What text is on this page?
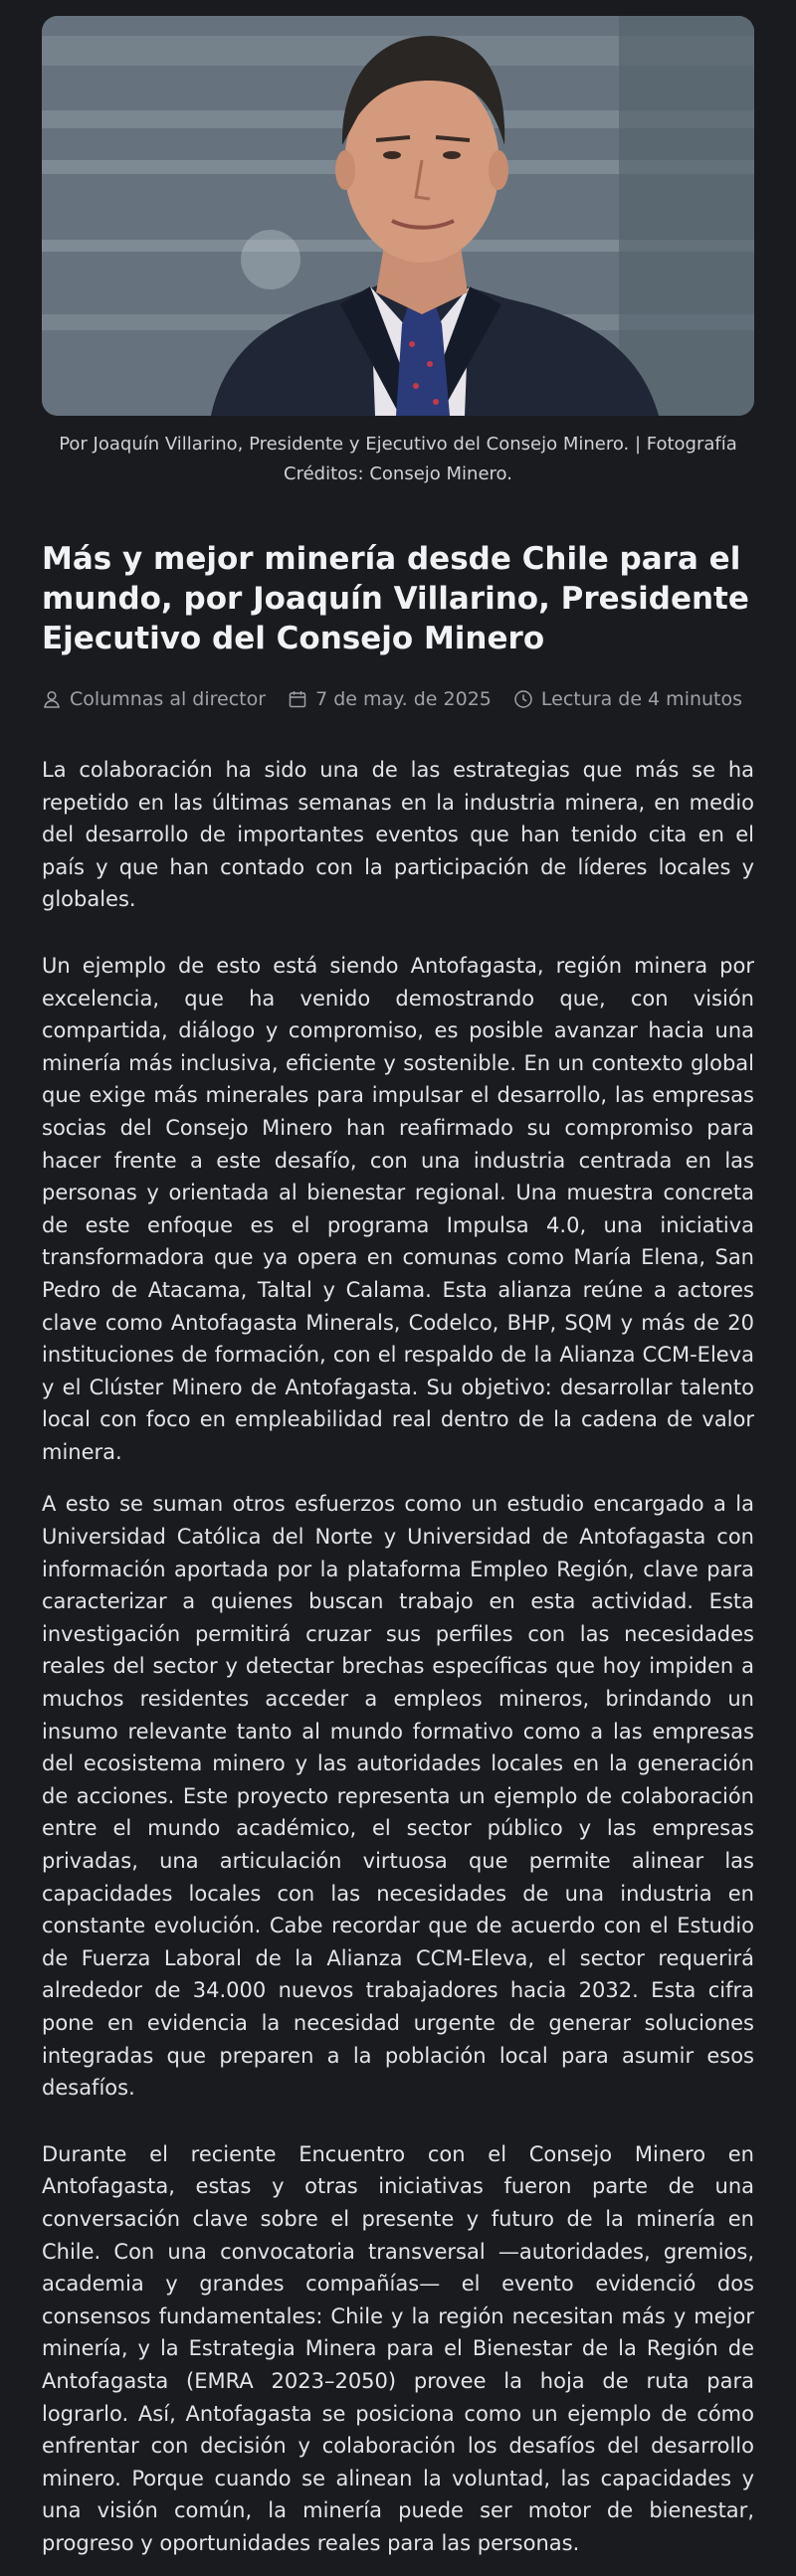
Por Joaquín Villarino, Presidente y Ejecutivo del Consejo Minero. | Fotografía Créditos: Consejo Minero.
Más y mejor minería desde Chile para el mundo, por Joaquín Villarino, Presidente Ejecutivo del Consejo Minero
Columnas al director	7 de may. de 2025	Lectura de 4 minutos

La colaboración ha sido una de las estrategias que más se ha repetido en las últimas semanas en la industria minera, en medio del desarrollo de importantes eventos que han tenido cita en el país y que han contado con la participación de líderes locales y globales.

Un ejemplo de esto está siendo Antofagasta, región minera por excelencia, que ha venido demostrando que, con visión compartida, diálogo y compromiso, es posible avanzar hacia una minería más inclusiva, eficiente y sostenible. En un contexto global que exige más minerales para impulsar el desarrollo, las empresas socias del Consejo Minero han reafirmado su compromiso para hacer frente a este desafío, con una industria centrada en las personas y orientada al bienestar regional. Una muestra concreta de este enfoque es el programa Impulsa 4.0, una iniciativa transformadora que ya opera en comunas como María Elena, San Pedro de Atacama, Taltal y Calama. Esta alianza reúne a actores clave como Antofagasta Minerals, Codelco, BHP, SQM y más de 20 instituciones de formación, con el respaldo de la Alianza CCM-Eleva y el Clúster Minero de Antofagasta. Su objetivo: desarrollar talento local con foco en empleabilidad real dentro de la cadena de valor minera.

A esto se suman otros esfuerzos como un estudio encargado a la Universidad Católica del Norte y Universidad de Antofagasta con información aportada por la plataforma Empleo Región, clave para caracterizar a quienes buscan trabajo en esta actividad. Esta investigación permitirá cruzar sus perfiles con las necesidades reales del sector y detectar brechas específicas que hoy impiden a muchos residentes acceder a empleos mineros, brindando un insumo relevante tanto al mundo formativo como a las empresas del ecosistema minero y las autoridades locales en la generación de acciones. Este proyecto representa un ejemplo de colaboración entre el mundo académico, el sector público y las empresas privadas, una articulación virtuosa que permite alinear las capacidades locales con las necesidades de una industria en constante evolución. Cabe recordar que de acuerdo con el Estudio de Fuerza Laboral de la Alianza CCM-Eleva, el sector requerirá alrededor de 34.000 nuevos trabajadores hacia 2032. Esta cifra pone en evidencia la necesidad urgente de generar soluciones integradas que preparen a la población local para asumir esos desafíos.

Durante el reciente Encuentro con el Consejo Minero en Antofagasta, estas y otras iniciativas fueron parte de una conversación clave sobre el presente y futuro de la minería en Chile. Con una convocatoria transversal —autoridades, gremios, academia y grandes compañías— el evento evidenció dos consensos fundamentales: Chile y la región necesitan más y mejor minería, y la Estrategia Minera para el Bienestar de la Región de Antofagasta (EMRA 2023–2050) provee la hoja de ruta para lograrlo. Así, Antofagasta se posiciona como un ejemplo de cómo enfrentar con decisión y colaboración los desafíos del desarrollo minero. Porque cuando se alinean la voluntad, las capacidades y una visión común, la minería puede ser motor de bienestar, progreso y oportunidades reales para las personas.
